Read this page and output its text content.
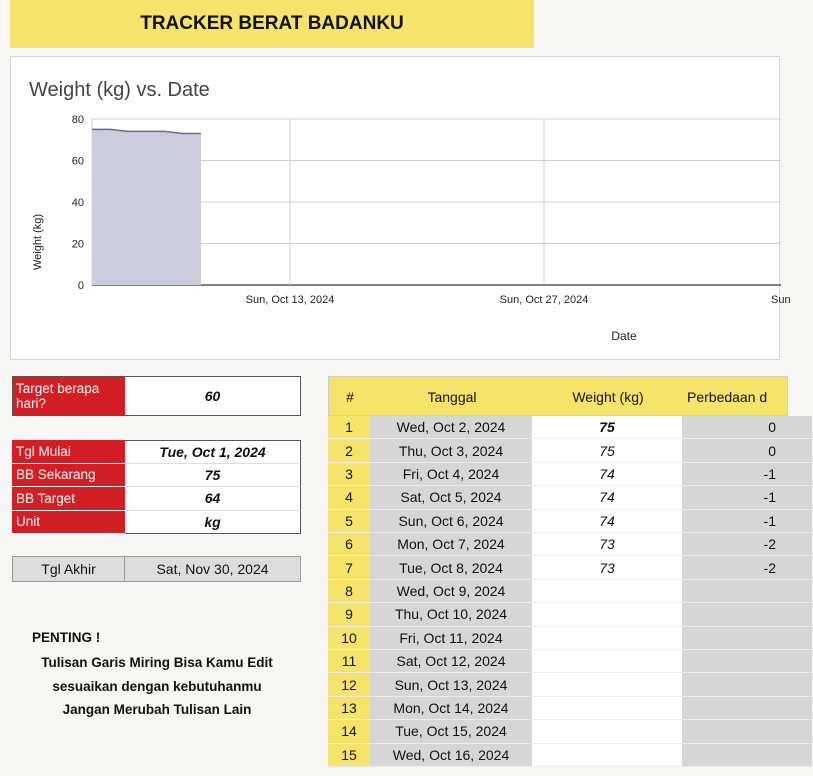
TRACKER BERAT BADANKU
Weight (kg) vs. Date
0
20
40
60
80
Sun, Oct 13, 2024	Sun, Oct 27, 2024	Sun
Weight (kg)
Date
Target berapa hari?	60
Tgl Mulai	Tue, Oct 1, 2024
BB Sekarang	75
BB Target	64
Unit	kg
Tgl Akhir	Sat, Nov 30, 2024
PENTING !
Tulisan Garis Miring Bisa Kamu Edit
sesuaikan dengan kebutuhanmu
Jangan Merubah Tulisan Lain
#	Tanggal	Weight (kg)	Perbedaan d
1	Wed, Oct 2, 2024	75	0
2	Thu, Oct 3, 2024	75	0
3	Fri, Oct 4, 2024	74	-1
4	Sat, Oct 5, 2024	74	-1
5	Sun, Oct 6, 2024	74	-1
6	Mon, Oct 7, 2024	73	-2
7	Tue, Oct 8, 2024	73	-2
8	Wed, Oct 9, 2024
9	Thu, Oct 10, 2024
10	Fri, Oct 11, 2024
11	Sat, Oct 12, 2024
12	Sun, Oct 13, 2024
13	Mon, Oct 14, 2024
14	Tue, Oct 15, 2024
15	Wed, Oct 16, 2024
